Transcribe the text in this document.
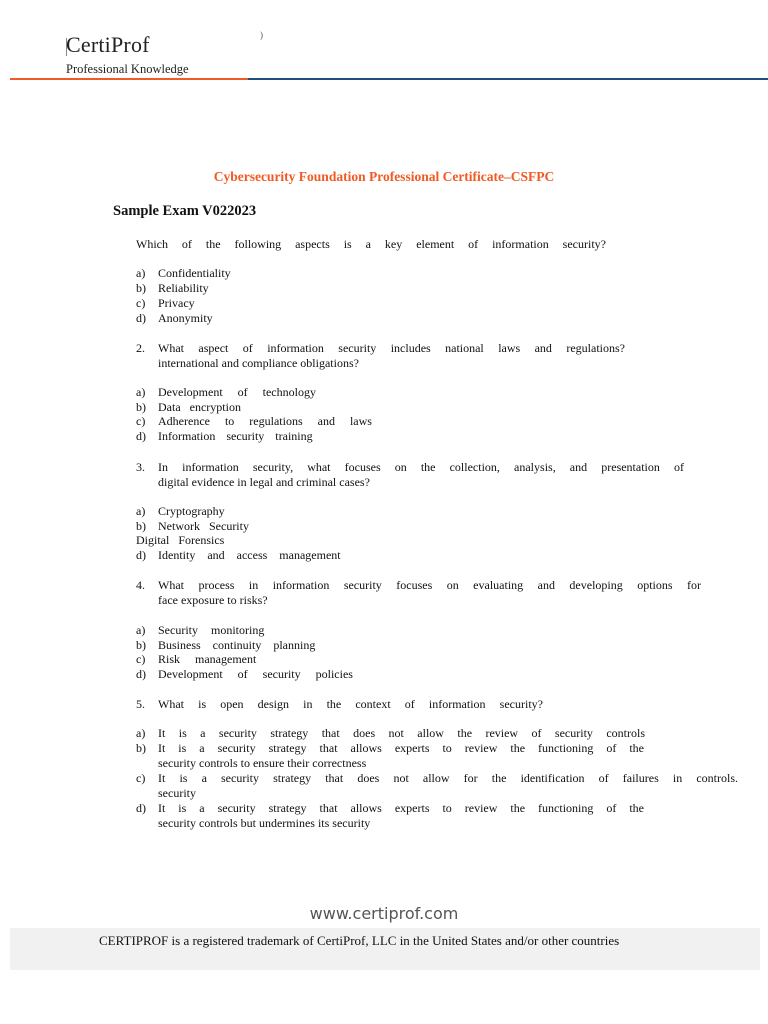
CertiProf	)
Professional Knowledge
Cybersecurity Foundation Professional Certificate–CSFPC
Sample Exam V022023
Which of the following aspects is a key element of information security?
a) Confidentiality
b) Reliability
c) Privacy
d) Anonymity
2. What aspect of information security includes national laws and regulations?
international and compliance obligations?
a) Development of technology
b) Data encryption
c) Adherence to regulations and laws
d) Information security training
3. In information security, what focuses on the collection, analysis, and presentation of
digital evidence in legal and criminal cases?
a) Cryptography
b) Network Security
Digital Forensics
d) Identity and access management
4. What process in information security focuses on evaluating and developing options for
face exposure to risks?
a) Security monitoring
b) Business continuity planning
c) Risk management
d) Development of security policies
5. What is open design in the context of information security?
a) It is a security strategy that does not allow the review of security controls
b) It is a security strategy that allows experts to review the functioning of the
security controls to ensure their correctness
c) It is a security strategy that does not allow for the identification of failures in controls.
security
d) It is a security strategy that allows experts to review the functioning of the
security controls but undermines its security
www.certiprof.com
CERTIPROF is a registered trademark of CertiProf, LLC in the United States and/or other countries
